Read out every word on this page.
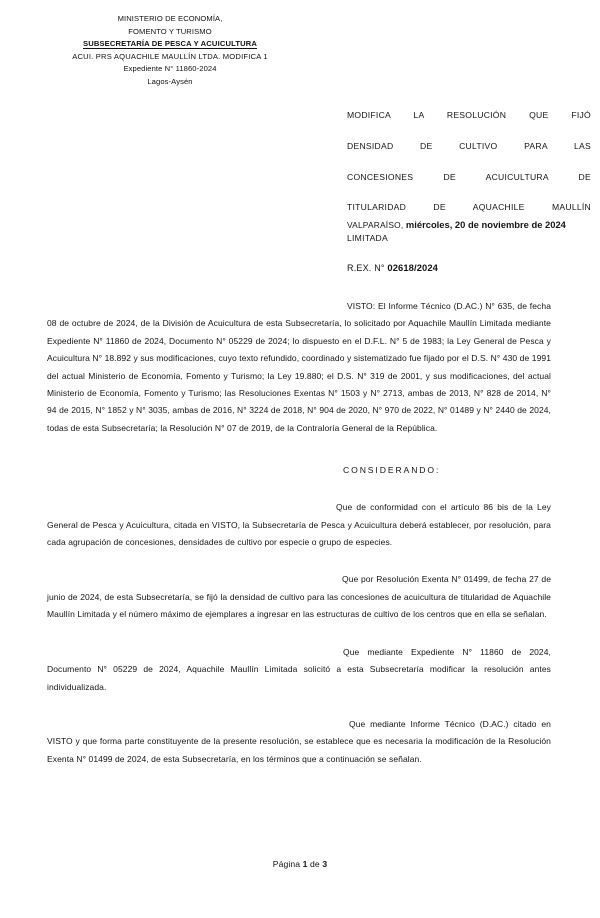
MINISTERIO DE ECONOMÍA,
FOMENTO Y TURISMO
SUBSECRETARÍA DE PESCA Y ACUICULTURA
ACUI. PRS AQUACHILE MAULLÍN LTDA. MODIFICA 1
Expediente N° 11860-2024
Lagos-Aysén
MODIFICA LA RESOLUCIÓN QUE FIJÓ
DENSIDAD DE CULTIVO PARA LAS
CONCESIONES DE ACUICULTURA DE
TITULARIDAD DE AQUACHILE MAULLÍN
LIMITADA
VALPARAÍSO, miércoles, 20 de noviembre de 2024
R.EX. N° 02618/2024

VISTO: El Informe Técnico (D.AC.) N° 635, de fecha 08 de octubre de 2024, de la División de Acuicultura de esta Subsecretaría, lo solicitado por Aquachile Maullín Limitada mediante Expediente N° 11860 de 2024, Documento N° 05229 de 2024; lo dispuesto en el D.F.L. N° 5 de 1983; la Ley General de Pesca y Acuicultura N° 18.892 y sus modificaciones, cuyo texto refundido, coordinado y sistematizado fue fijado por el D.S. N° 430 de 1991 del actual Ministerio de Economía, Fomento y Turismo; la Ley 19.880; el D.S. N° 319 de 2001, y sus modificaciones, del actual Ministerio de Economía, Fomento y Turismo; las Resoluciones Exentas N° 1503 y N° 2713, ambas de 2013, N° 828 de 2014, N° 94 de 2015, N° 1852 y N° 3035, ambas de 2016, N° 3224 de 2018, N° 904 de 2020, N° 970 de 2022, N° 01489 y N° 2440 de 2024, todas de esta Subsecretaría; la Resolución N° 07 de 2019, de la Contraloría General de la República.

CONSIDERANDO:

Que de conformidad con el artículo 86 bis de la Ley General de Pesca y Acuicultura, citada en VISTO, la Subsecretaría de Pesca y Acuicultura deberá establecer, por resolución, para cada agrupación de concesiones, densidades de cultivo por especie o grupo de especies.

Que por Resolución Exenta N° 01499, de fecha 27 de junio de 2024, de esta Subsecretaría, se fijó la densidad de cultivo para las concesiones de acuicultura de titularidad de Aquachile Maullín Limitada y el número máximo de ejemplares a ingresar en las estructuras de cultivo de los centros que en ella se señalan.

Que mediante Expediente N° 11860 de 2024, Documento N° 05229 de 2024, Aquachile Maullín Limitada solicitó a esta Subsecretaría modificar la resolución antes individualizada.

Que mediante Informe Técnico (D.AC.) citado en VISTO y que forma parte constituyente de la presente resolución, se establece que es necesaria la modificación de la Resolución Exenta N° 01499 de 2024, de esta Subsecretaría, en los términos que a continuación se señalan.

Página 1 de 3
